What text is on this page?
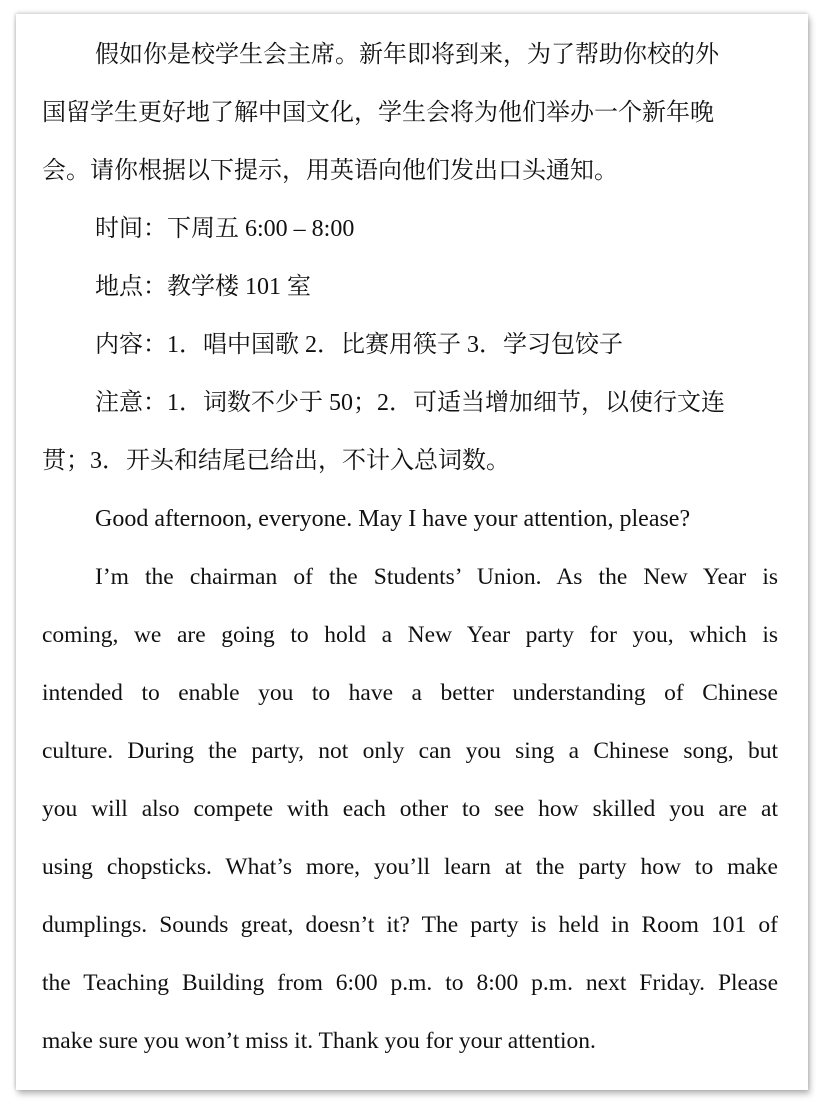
假如你是校学生会主席。新年即将到来，为了帮助你校的外
国留学生更好地了解中国文化，学生会将为他们举办一个新年晚
会。请你根据以下提示，用英语向他们发出口头通知。
时间：下周五 6:00 – 8:00
地点：教学楼 101 室
内容：1．唱中国歌 2．比赛用筷子 3．学习包饺子
注意：1．词数不少于 50；2．可适当增加细节，以使行文连
贯；3．开头和结尾已给出，不计入总词数。
Good afternoon, everyone. May I have your attention, please?
I’m the chairman of the Students’ Union. As the New Year is
coming, we are going to hold a New Year party for you, which is
intended to enable you to have a better understanding of Chinese
culture. During the party, not only can you sing a Chinese song, but
you will also compete with each other to see how skilled you are at
using chopsticks. What’s more, you’ll learn at the party how to make
dumplings. Sounds great, doesn’t it? The party is held in Room 101 of
the Teaching Building from 6:00 p.m. to 8:00 p.m. next Friday. Please
make sure you won’t miss it. Thank you for your attention.
